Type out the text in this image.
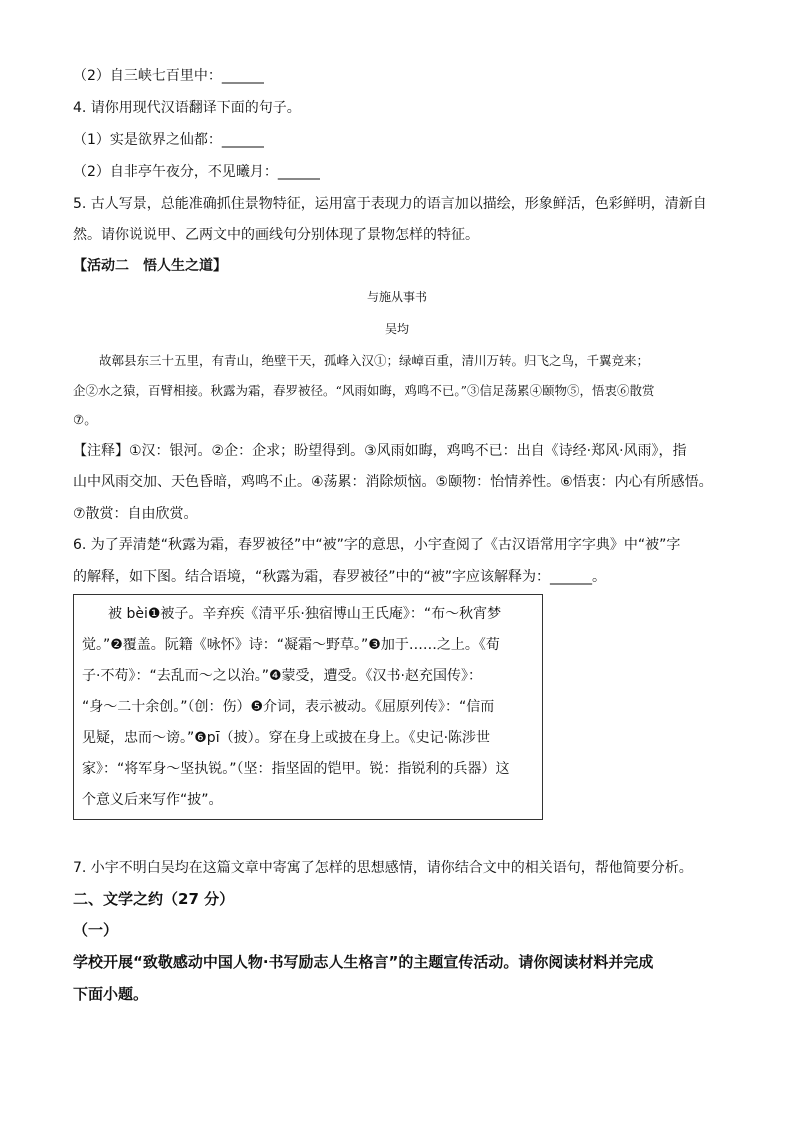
（2）自三峡七百里中：______
4. 请你用现代汉语翻译下面的句子。
（1）实是欲界之仙都：______
（2）自非亭午夜分，不见曦月：______
5. 古人写景，总能准确抓住景物特征，运用富于表现力的语言加以描绘，形象鲜活，色彩鲜明，清新自
然。请你说说甲、乙两文中的画线句分别体现了景物怎样的特征。
【活动二　悟人生之道】
与施从事书
吴均
故鄣县东三十五里，有青山，绝壁干天，孤峰入汉①；绿嶂百重，清川万转。归飞之鸟，千翼竞来；
企②水之猿，百臂相接。秋露为霜，春罗被径。“风雨如晦，鸡鸣不已。”③信足荡累④颐物⑤，悟衷⑥散赏
⑦。
【注释】①汉：银河。②企：企求；盼望得到。③风雨如晦，鸡鸣不已：出自《诗经·郑风·风雨》，指
山中风雨交加、天色昏暗，鸡鸣不止。④荡累：消除烦恼。⑤颐物：怡情养性。⑥悟衷：内心有所感悟。
⑦散赏：自由欣赏。
6. 为了弄清楚“秋露为霜，春罗被径”中“被”字的意思，小宇查阅了《古汉语常用字字典》中“被”字
的解释，如下图。结合语境，“秋露为霜，春罗被径”中的“被”字应该解释为：______。
被 bèi❶被子。辛弃疾《清平乐·独宿博山王氏庵》：“布～秋宵梦
觉。”❷覆盖。阮籍《咏怀》诗：“凝霜～野草。”❸加于……之上。《荀
子·不苟》：“去乱而～之以治。”❹蒙受，遭受。《汉书·赵充国传》：
“身～二十余创。”（创：伤）❺介词，表示被动。《屈原列传》：“信而
见疑，忠而～谤。”❻pī（披）。穿在身上或披在身上。《史记·陈涉世
家》：“将军身～坚执锐。”（坚：指坚固的铠甲。锐：指锐利的兵器）这
个意义后来写作“披”。
7. 小宇不明白吴均在这篇文章中寄寓了怎样的思想感情，请你结合文中的相关语句，帮他简要分析。
二、文学之约（27 分）
（一）
学校开展“致敬感动中国人物·书写励志人生格言”的主题宣传活动。请你阅读材料并完成
下面小题。
